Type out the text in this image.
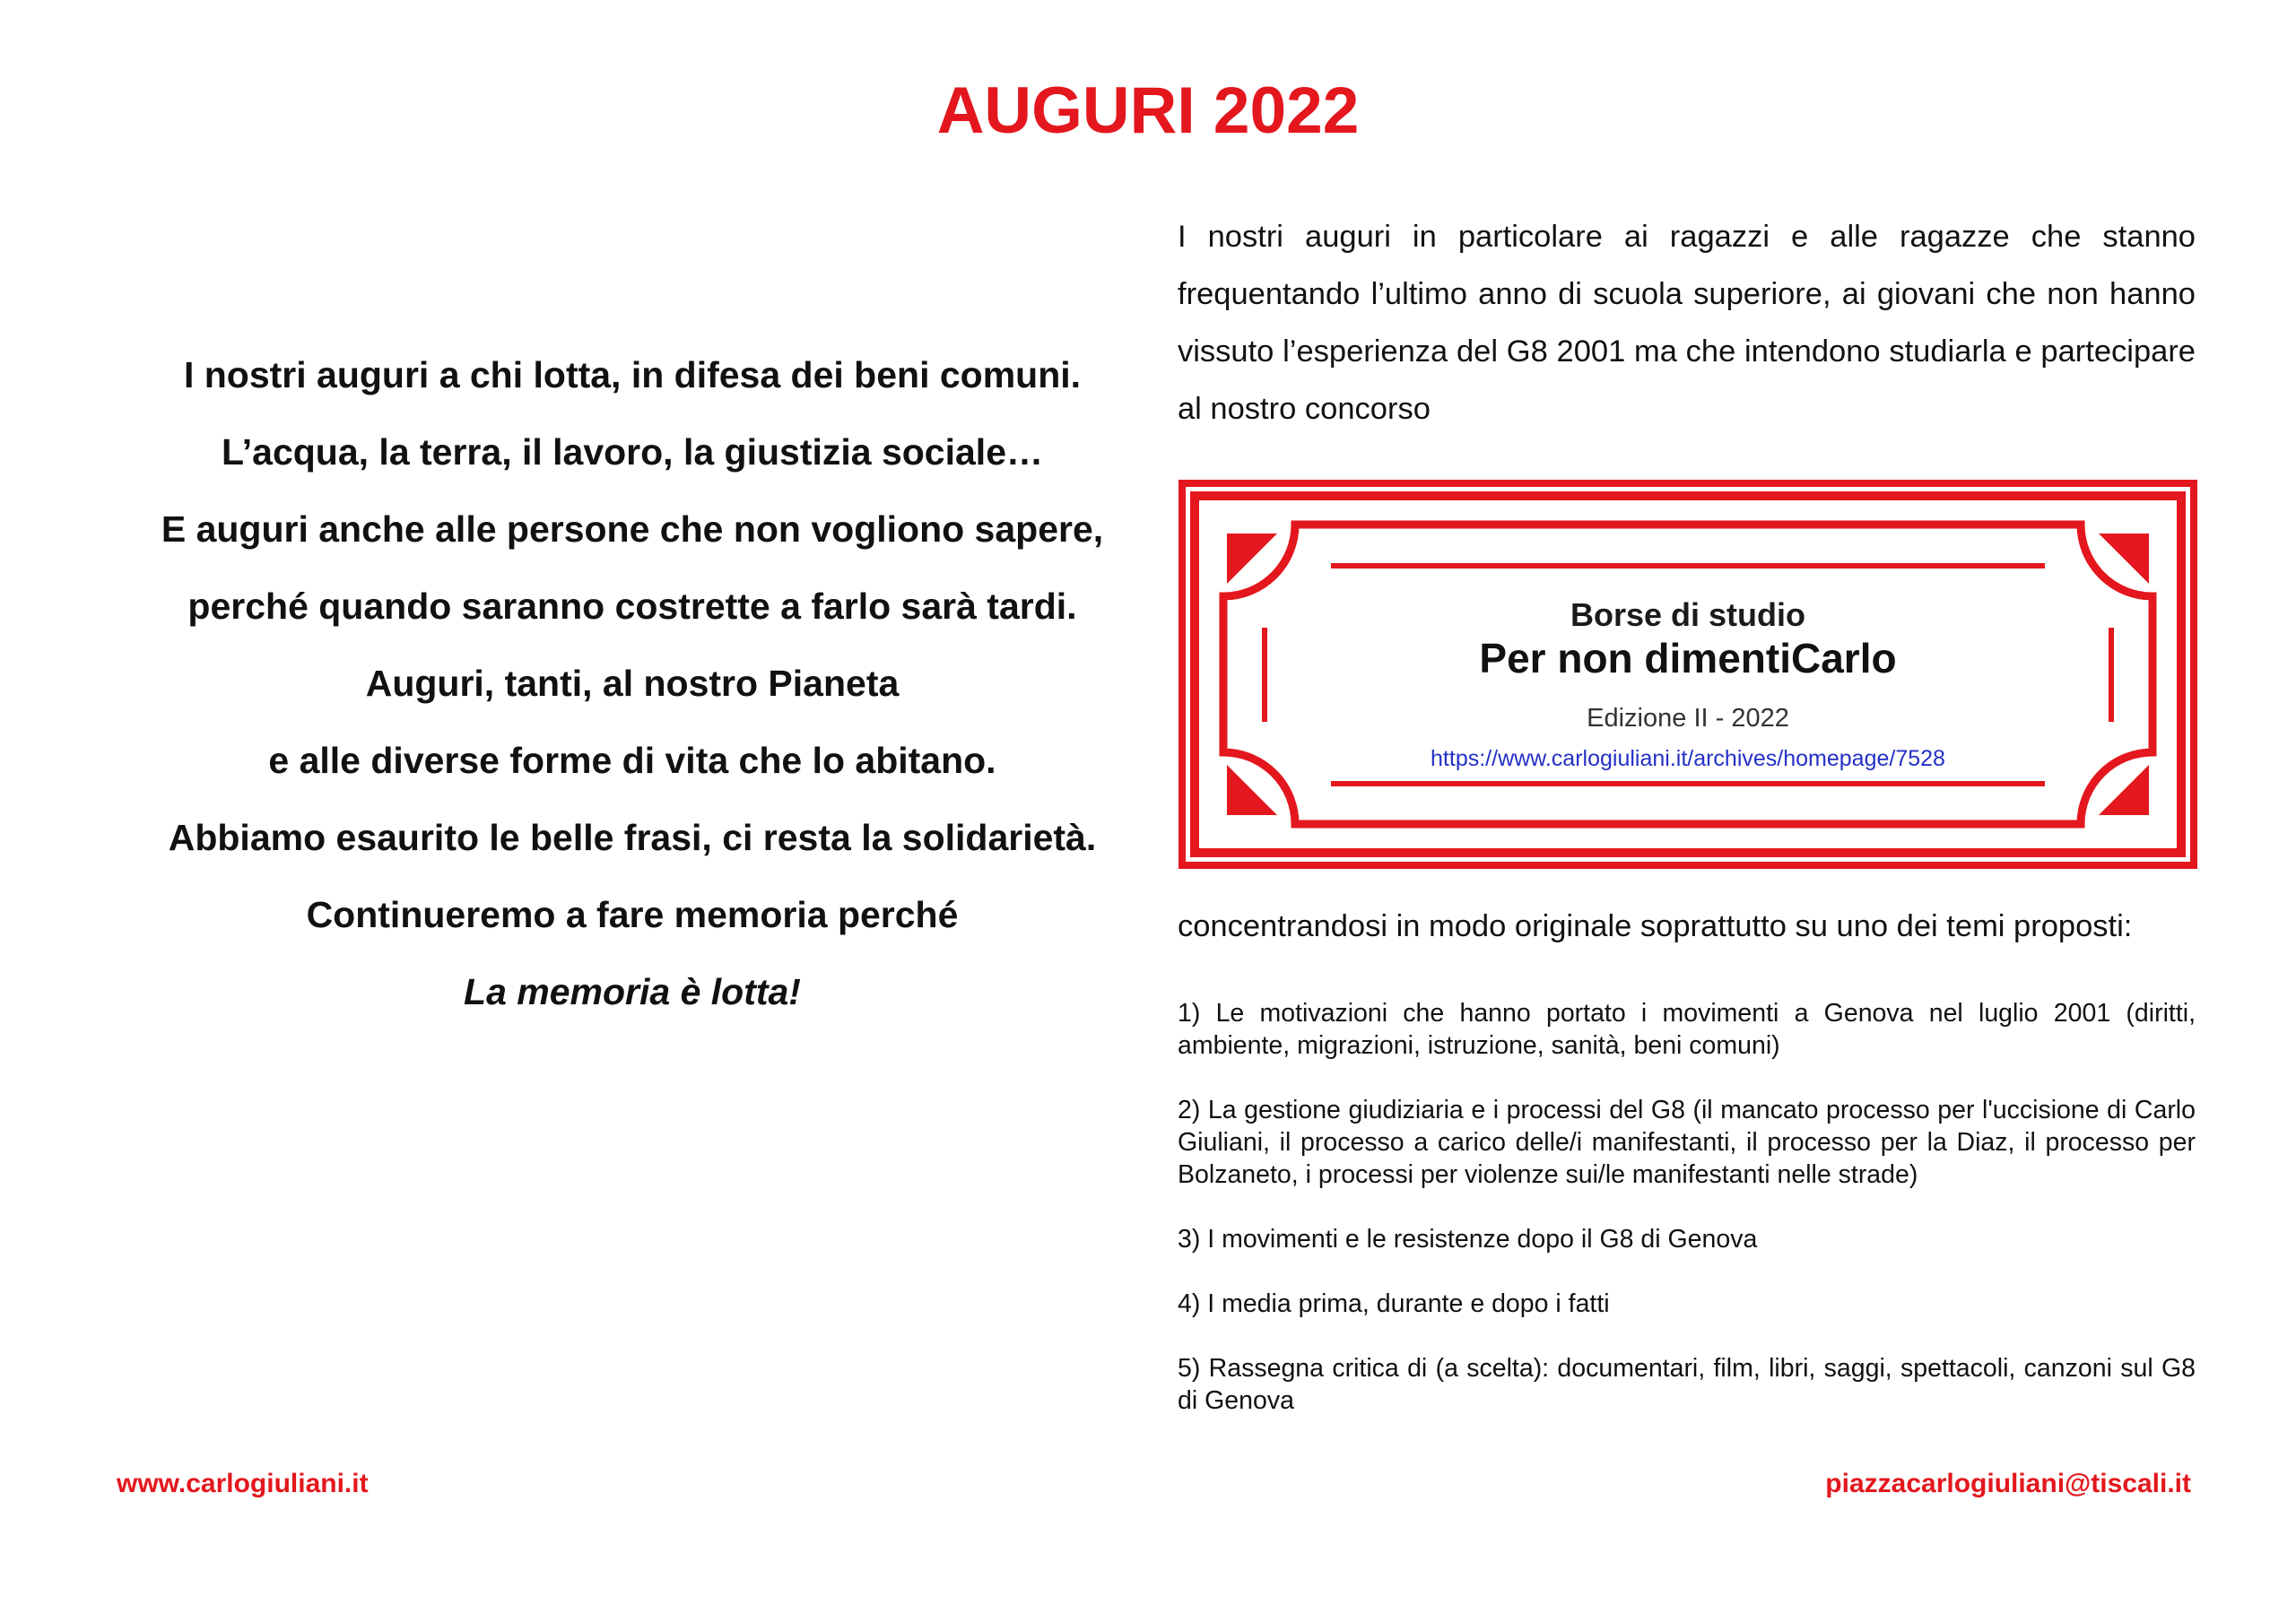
AUGURI 2022
I nostri auguri a chi lotta, in difesa dei beni comuni.
L’acqua, la terra, il lavoro, la giustizia sociale…
E auguri anche alle persone che non vogliono sapere,
perché quando saranno costrette a farlo sarà tardi.
Auguri, tanti, al nostro Pianeta
e alle diverse forme di vita che lo abitano.
Abbiamo esaurito le belle frasi, ci resta la solidarietà.
Continueremo a fare memoria perché
La memoria è lotta!

I nostri auguri in particolare ai ragazzi e alle ragazze che stanno frequentando l’ultimo anno di scuola superiore, ai giovani che non hanno vissuto l’esperienza del G8 2001 ma che intendono studiarla e partecipare al nostro concorso

Borse di studio
Per non dimentiCarlo
Edizione II - 2022
https://www.carlogiuliani.it/archives/homepage/7528

concentrandosi in modo originale soprattutto su uno dei temi proposti:

1) Le motivazioni che hanno portato i movimenti a Genova nel luglio 2001 (diritti, ambiente, migrazioni, istruzione, sanità, beni comuni)

2) La gestione giudiziaria e i processi del G8 (il mancato processo per l'uccisione di Carlo Giuliani, il processo a carico delle/i manifestanti, il processo per la Diaz, il processo per Bolzaneto, i processi per violenze sui/le manifestanti nelle strade)

3) I movimenti e le resistenze dopo il G8 di Genova

4) I media prima, durante e dopo i fatti

5) Rassegna critica di (a scelta): documentari, film, libri, saggi, spettacoli, canzoni sul G8 di Genova

www.carlogiuliani.it	piazzacarlogiuliani@tiscali.it
